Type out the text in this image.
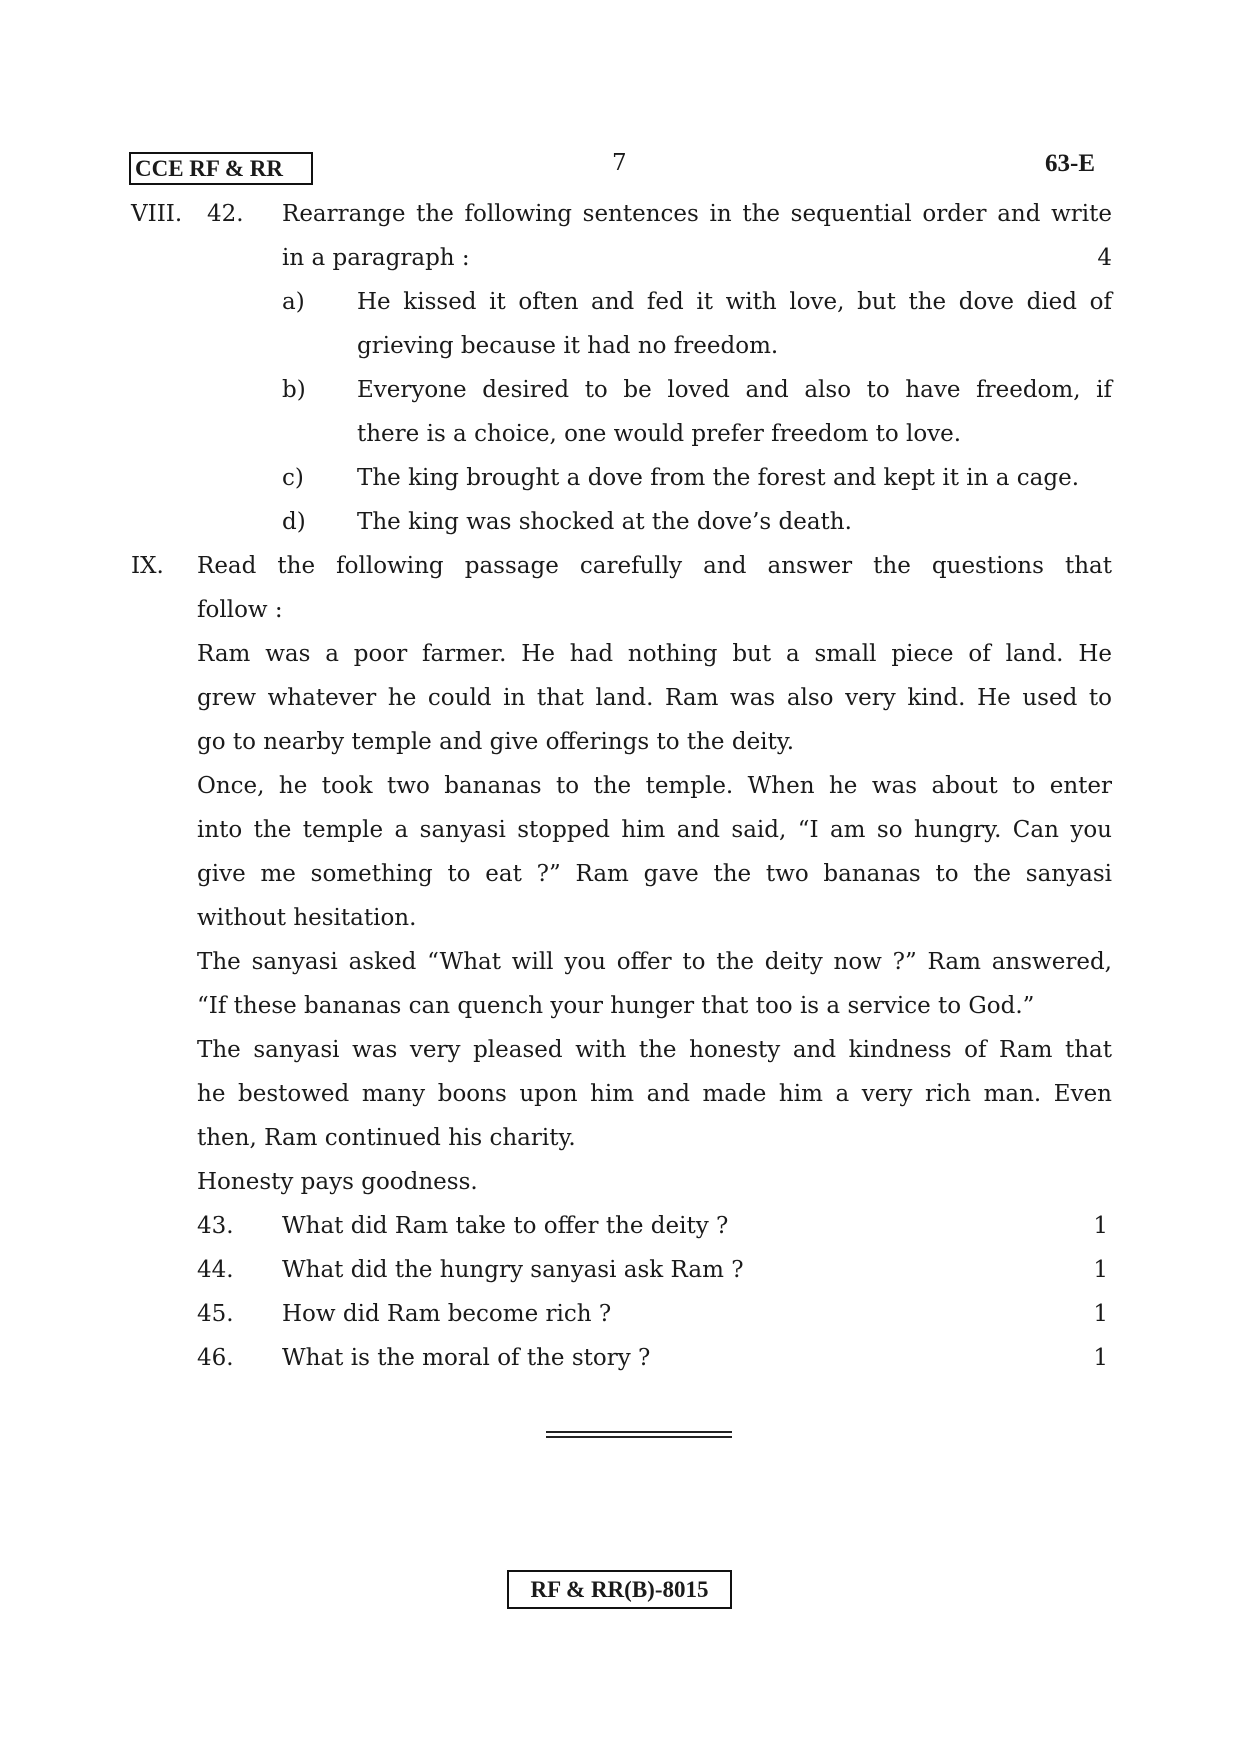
CCE RF & RR	7	63-E
VIII. 42. Rearrange the following sentences in the sequential order and write
in a paragraph :	4
a) He kissed it often and fed it with love, but the dove died of
grieving because it had no freedom.
b) Everyone desired to be loved and also to have freedom, if
there is a choice, one would prefer freedom to love.
c) The king brought a dove from the forest and kept it in a cage.
d) The king was shocked at the dove’s death.
IX. Read the following passage carefully and answer the questions that
follow :
Ram was a poor farmer. He had nothing but a small piece of land. He
grew whatever he could in that land. Ram was also very kind. He used to
go to nearby temple and give offerings to the deity.
Once, he took two bananas to the temple. When he was about to enter
into the temple a sanyasi stopped him and said, “I am so hungry. Can you
give me something to eat ?” Ram gave the two bananas to the sanyasi
without hesitation.
The sanyasi asked “What will you offer to the deity now ?” Ram answered,
“If these bananas can quench your hunger that too is a service to God.”
The sanyasi was very pleased with the honesty and kindness of Ram that
he bestowed many boons upon him and made him a very rich man. Even
then, Ram continued his charity.
Honesty pays goodness.
43. What did Ram take to offer the deity ?	1
44. What did the hungry sanyasi ask Ram ?	1
45. How did Ram become rich ?	1
46. What is the moral of the story ?	1
RF & RR(B)-8015
